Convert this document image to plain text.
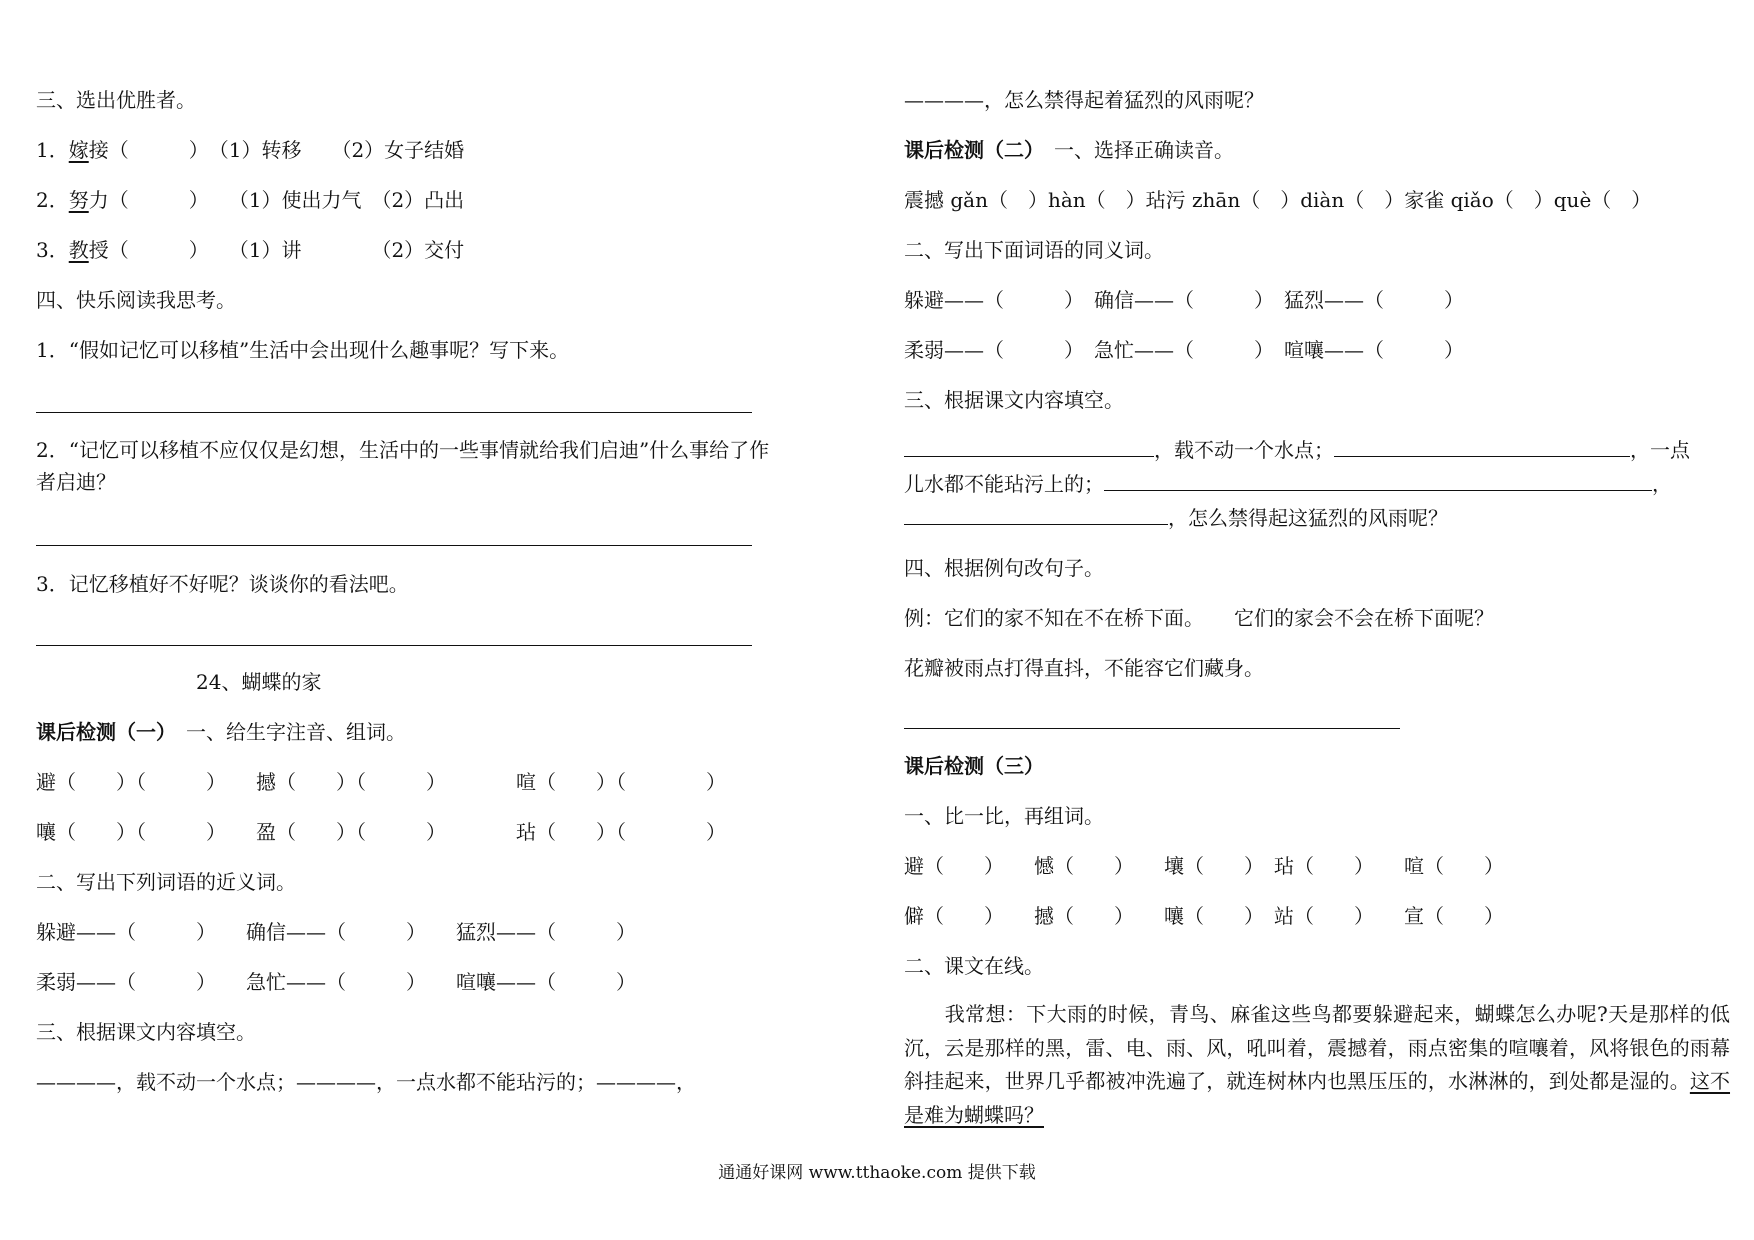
三、选出优胜者。
1．嫁接（　　　）　（1）转移　　（2）女子结婚
2．努力（　　　）　　（1）使出力气　（2）凸出
3．教授（　　　）　　（1）讲　　　　（2）交付
四、快乐阅读我思考。
1．“假如记忆可以移植”生活中会出现什么趣事呢？写下来。
2．“记忆可以移植不应仅仅是幻想，生活中的一些事情就给我们启迪”什么事给了作
者启迪？
3．记忆移植好不好呢？谈谈你的看法吧。
24、蝴蝶的家
课后检测（一）　 一、给生字注音、组词。
避（　　）（　　　）　　撼（　　）（　　　）　　　　喧（　　）（　　　　）
嚷（　　）（　　　）　　盈（　　）（　　　）　　　　玷（　　）（　　　　）
二、写出下列词语的近义词。
躲避——（　　　）　　确信——（　　　）　　猛烈——（　　　）
柔弱——（　　　）　　急忙——（　　　）　　喧嚷——（　　　）
三、根据课文内容填空。
————，载不动一个水点；————，一点水都不能玷污的；————，
————，怎么禁得起着猛烈的风雨呢？
课后检测（二）　一、选择正确读音。
震撼 gǎn（　）hàn（　）玷污 zhān（　）diàn（　）家雀 qiǎo（　）què（　）
二、写出下面词语的同义词。
躲避——（　　　）　确信——（　　　）　猛烈——（　　　）
柔弱——（　　　）　急忙——（　　　）　喧嚷——（　　　）
三、根据课文内容填空。
，载不动一个水点；	，一点
儿水都不能玷污上的；	，
，怎么禁得起这猛烈的风雨呢？
四、根据例句改句子。
例：它们的家不知在不在桥下面。　　它们的家会不会在桥下面呢？
花瓣被雨点打得直抖，不能容它们藏身。
课后检测（三）
一、比一比，再组词。
避（　　）　　憾（　　）　　壤（　　）　玷（　　）　　喧（　　）
僻（　　）　　撼（　　）　　嚷（　　）　站（　　）　　宣（　　）
二、课文在线。
　　我常想：下大雨的时候，青鸟、麻雀这些鸟都要躲避起来，蝴蝶怎么办呢?天是那样的低沉，云是那样的黑，雷、电、雨、风，吼叫着，震撼着，雨点密集的喧嚷着，风将银色的雨幕斜挂起来，世界几乎都被冲洗遍了，就连树林内也黑压压的，水淋淋的，到处都是湿的。这不是难为蝴蝶吗？
通通好课网 www.tthaoke.com 提供下载
